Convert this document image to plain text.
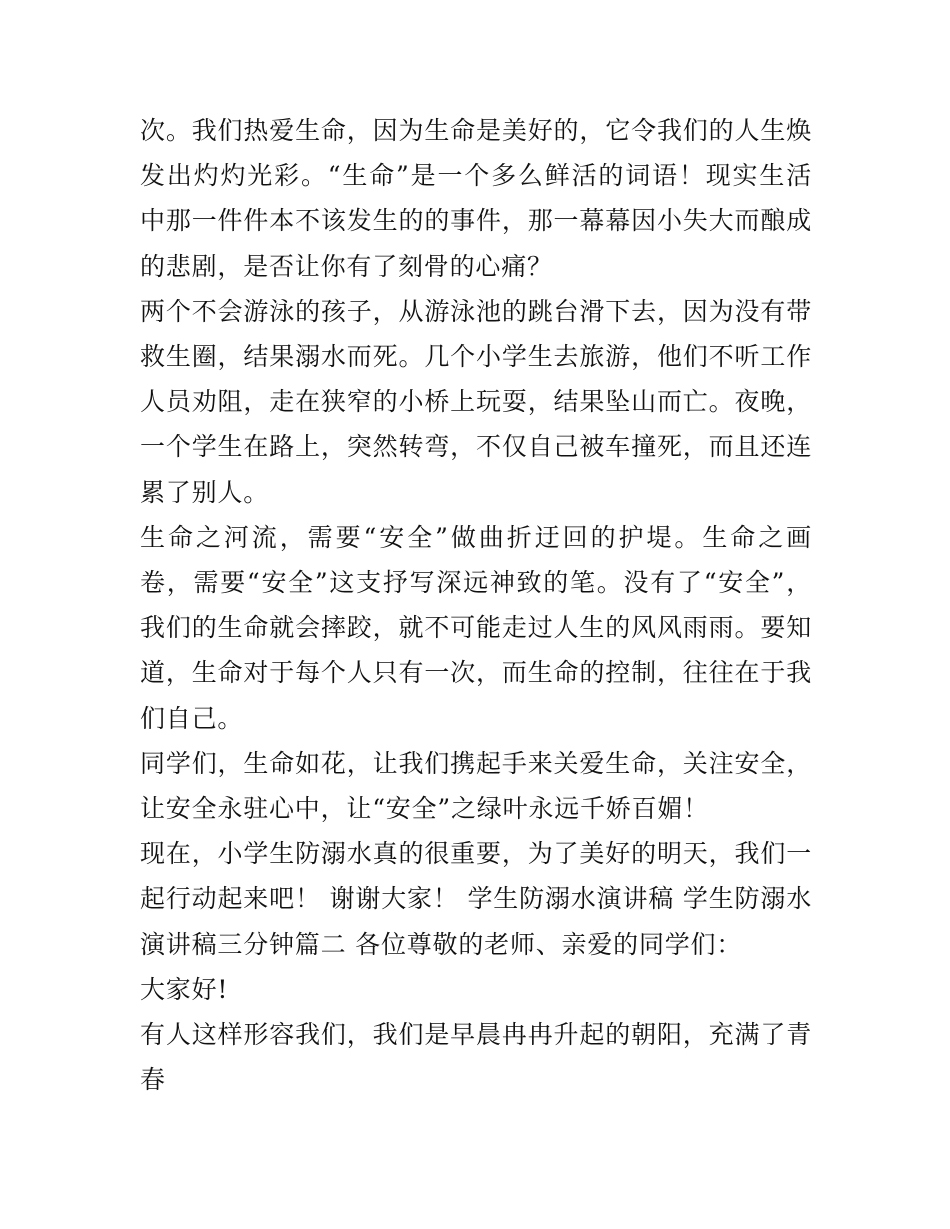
次。我们热爱生命，因为生命是美好的，它令我们的人生焕发出灼灼光彩。“生命”是一个多么鲜活的词语！现实生活中那一件件本不该发生的的事件，那一幕幕因小失大而酿成的悲剧，是否让你有了刻骨的心痛？

两个不会游泳的孩子，从游泳池的跳台滑下去，因为没有带救生圈，结果溺水而死。几个小学生去旅游，他们不听工作人员劝阻，走在狭窄的小桥上玩耍，结果坠山而亡。夜晚，一个学生在路上，突然转弯，不仅自己被车撞死，而且还连累了别人。

生命之河流，需要“安全”做曲折迂回的护堤。生命之画卷，需要“安全”这支抒写深远神致的笔。没有了“安全”，我们的生命就会摔跤，就不可能走过人生的风风雨雨。要知道，生命对于每个人只有一次，而生命的控制，往往在于我们自己。

同学们，生命如花，让我们携起手来关爱生命，关注安全，让安全永驻心中，让“安全”之绿叶永远千娇百媚！

现在，小学生防溺水真的很重要，为了美好的明天，我们一起行动起来吧！ 谢谢大家！ 学生防溺水演讲稿 学生防溺水演讲稿三分钟篇二 各位尊敬的老师、亲爱的同学们：

大家好!

有人这样形容我们，我们是早晨冉冉升起的朝阳，充满了青春
